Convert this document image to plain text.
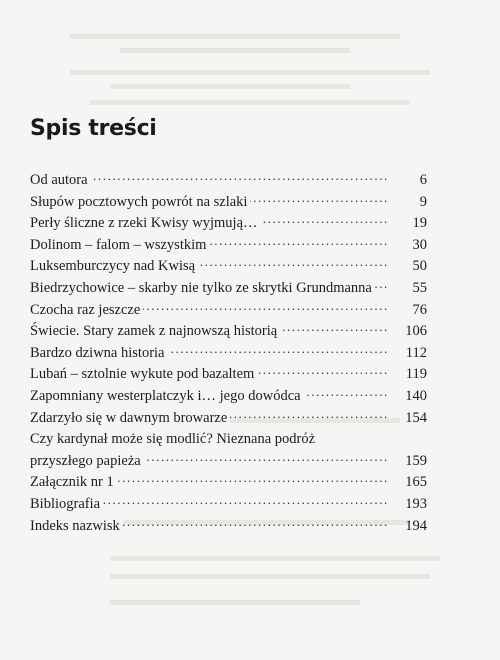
Spis treści
.....
Od autora	6
.....
Słupów pocztowych powrót na szlaki	9
.....
Perły śliczne z rzeki Kwisy wyjmują…	19
.....
Dolinom – falom – wszystkim	30
.....
Luksemburczycy nad Kwisą	50
.....
Biedrzychowice – skarby nie tylko ze skrytki Grundmanna	55
.....
Czocha raz jeszcze	76
.....
Świecie. Stary zamek z najnowszą historią	106
.....
Bardzo dziwna historia	112
.....
Lubań – sztolnie wykute pod bazaltem	119
.....
Zapomniany westerplatczyk i… jego dowódca	140
.....
Zdarzyło się w dawnym browarze	154
Czy kardynał może się modlić? Nieznana podróż
.....
przyszłego papieża	159
.....
Załącznik nr 1	165
.....
Bibliografia	193
.....
Indeks nazwisk	194
